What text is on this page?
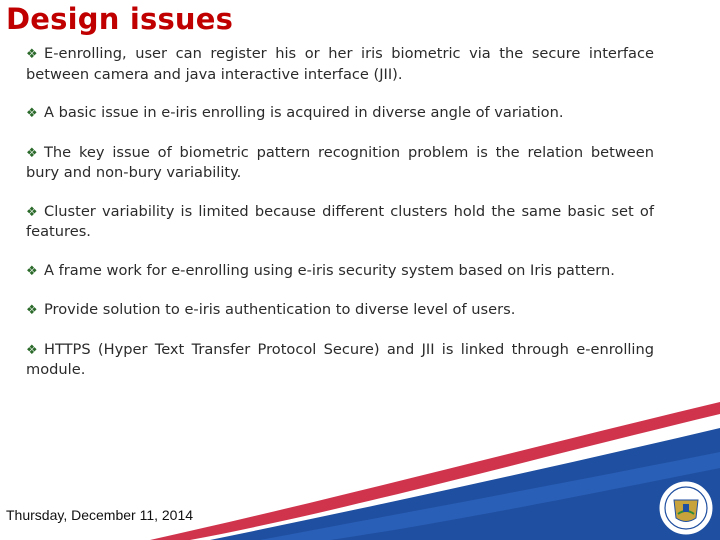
Design issues
❖ E-enrolling, user can register his or her iris biometric via the secure interface between camera and java interactive interface (JII).
❖ A basic issue in e-iris enrolling is acquired in diverse angle of variation.
❖ The key issue of biometric pattern recognition problem is the relation between bury and non-bury variability.
❖ Cluster variability is limited because different clusters hold the same basic set of features.
❖ A frame work for e-enrolling using e-iris security system based on Iris pattern.
❖ Provide solution to e-iris authentication to diverse level of users.
❖ HTTPS (Hyper Text Transfer Protocol Secure) and JII is linked through e-enrolling module.
Thursday, December 11, 2014
